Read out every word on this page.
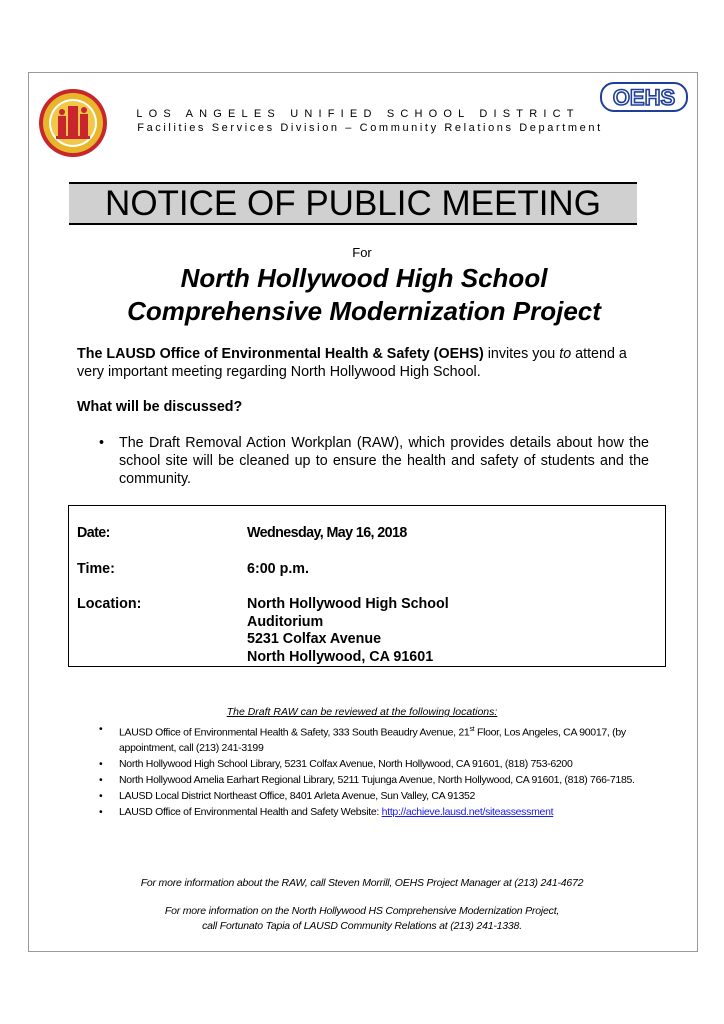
OEHS
LOS ANGELES UNIFIED SCHOOL DISTRICT
Facilities Services Division – Community Relations Department
NOTICE OF PUBLIC MEETING
For
North Hollywood High School
Comprehensive Modernization Project
The LAUSD Office of Environmental Health & Safety (OEHS) invites you to attend a very important meeting regarding North Hollywood High School.
What will be discussed?
• The Draft Removal Action Workplan (RAW), which provides details about how the school site will be cleaned up to ensure the health and safety of students and the community.
Date:	Wednesday, May 16, 2018
Time:	6:00 p.m.
Location:	North Hollywood High School
Auditorium
5231 Colfax Avenue
North Hollywood, CA 91601
The Draft RAW can be reviewed at the following locations:
• LAUSD Office of Environmental Health & Safety, 333 South Beaudry Avenue, 21st Floor, Los Angeles, CA 90017, (by appointment, call (213) 241-3199
• North Hollywood High School Library, 5231 Colfax Avenue, North Hollywood, CA 91601, (818) 753-6200
• North Hollywood Amelia Earhart Regional Library, 5211 Tujunga Avenue, North Hollywood, CA 91601, (818) 766-7185.
• LAUSD Local District Northeast Office, 8401 Arleta Avenue, Sun Valley, CA 91352
• LAUSD Office of Environmental Health and Safety Website: http://achieve.lausd.net/siteassessment
For more information about the RAW, call Steven Morrill, OEHS Project Manager at (213) 241-4672
For more information on the North Hollywood HS Comprehensive Modernization Project,
call Fortunato Tapia of LAUSD Community Relations at (213) 241-1338.
